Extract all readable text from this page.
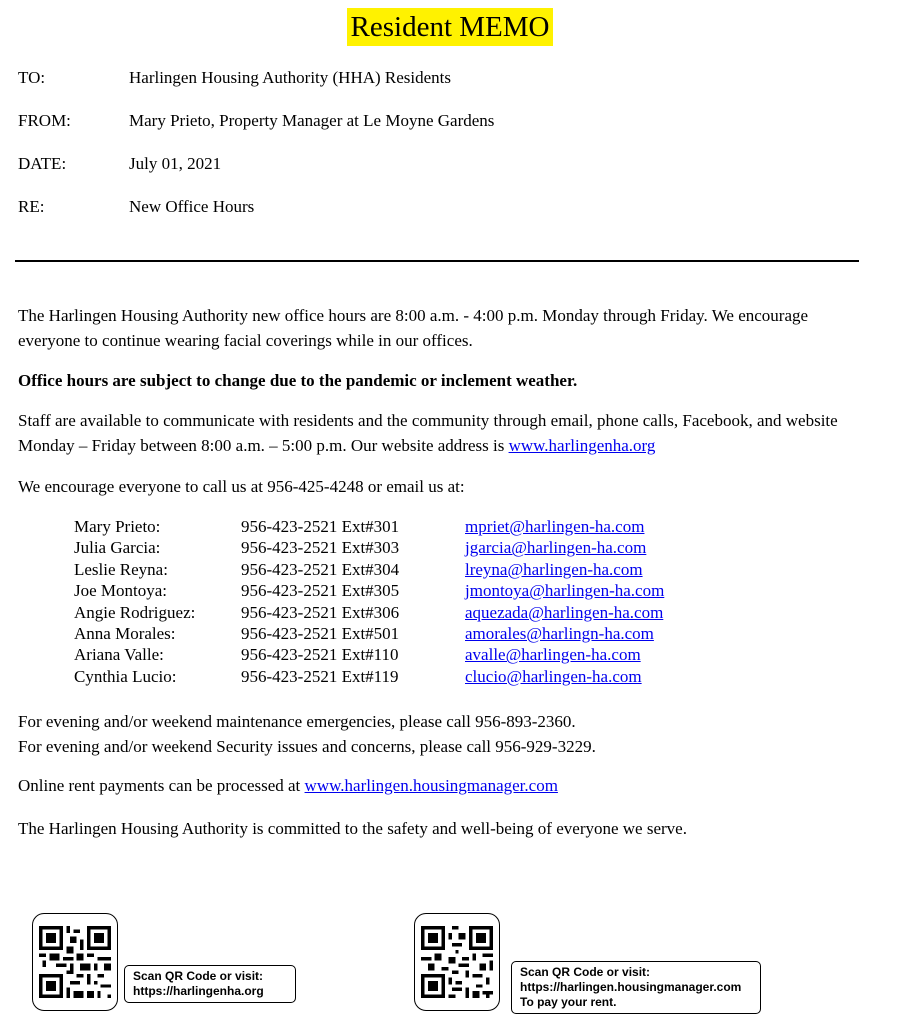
Resident MEMO
TO:	Harlingen Housing Authority (HHA) Residents
FROM:	Mary Prieto, Property Manager at Le Moyne Gardens
DATE:	July 01, 2021
RE:	New Office Hours

The Harlingen Housing Authority new office hours are 8:00 a.m. - 4:00 p.m. Monday through Friday. We encourage everyone to continue wearing facial coverings while in our offices.

Office hours are subject to change due to the pandemic or inclement weather.

Staff are available to communicate with residents and the community through email, phone calls, Facebook, and website Monday – Friday between 8:00 a.m. – 5:00 p.m. Our website address is www.harlingenha.org

We encourage everyone to call us at 956-425-4248 or email us at:

Mary Prieto:	956-423-2521 Ext#301	mpriet@harlingen-ha.com
Julia Garcia:	956-423-2521 Ext#303	jgarcia@harlingen-ha.com
Leslie Reyna:	956-423-2521 Ext#304	lreyna@harlingen-ha.com
Joe Montoya:	956-423-2521 Ext#305	jmontoya@harlingen-ha.com
Angie Rodriguez:	956-423-2521 Ext#306	aquezada@harlingen-ha.com
Anna Morales:	956-423-2521 Ext#501	amorales@harlingn-ha.com
Ariana Valle:	956-423-2521 Ext#110	avalle@harlingen-ha.com
Cynthia Lucio:	956-423-2521 Ext#119	clucio@harlingen-ha.com
For evening and/or weekend maintenance emergencies, please call 956-893-2360.
For evening and/or weekend Security issues and concerns, please call 956-929-3229.

Online rent payments can be processed at www.harlingen.housingmanager.com

The Harlingen Housing Authority is committed to the safety and well-being of everyone we serve.

Scan QR Code or visit:
https://harlingenha.org
Scan QR Code or visit:
https://harlingen.housingmanager.com
To pay your rent.
